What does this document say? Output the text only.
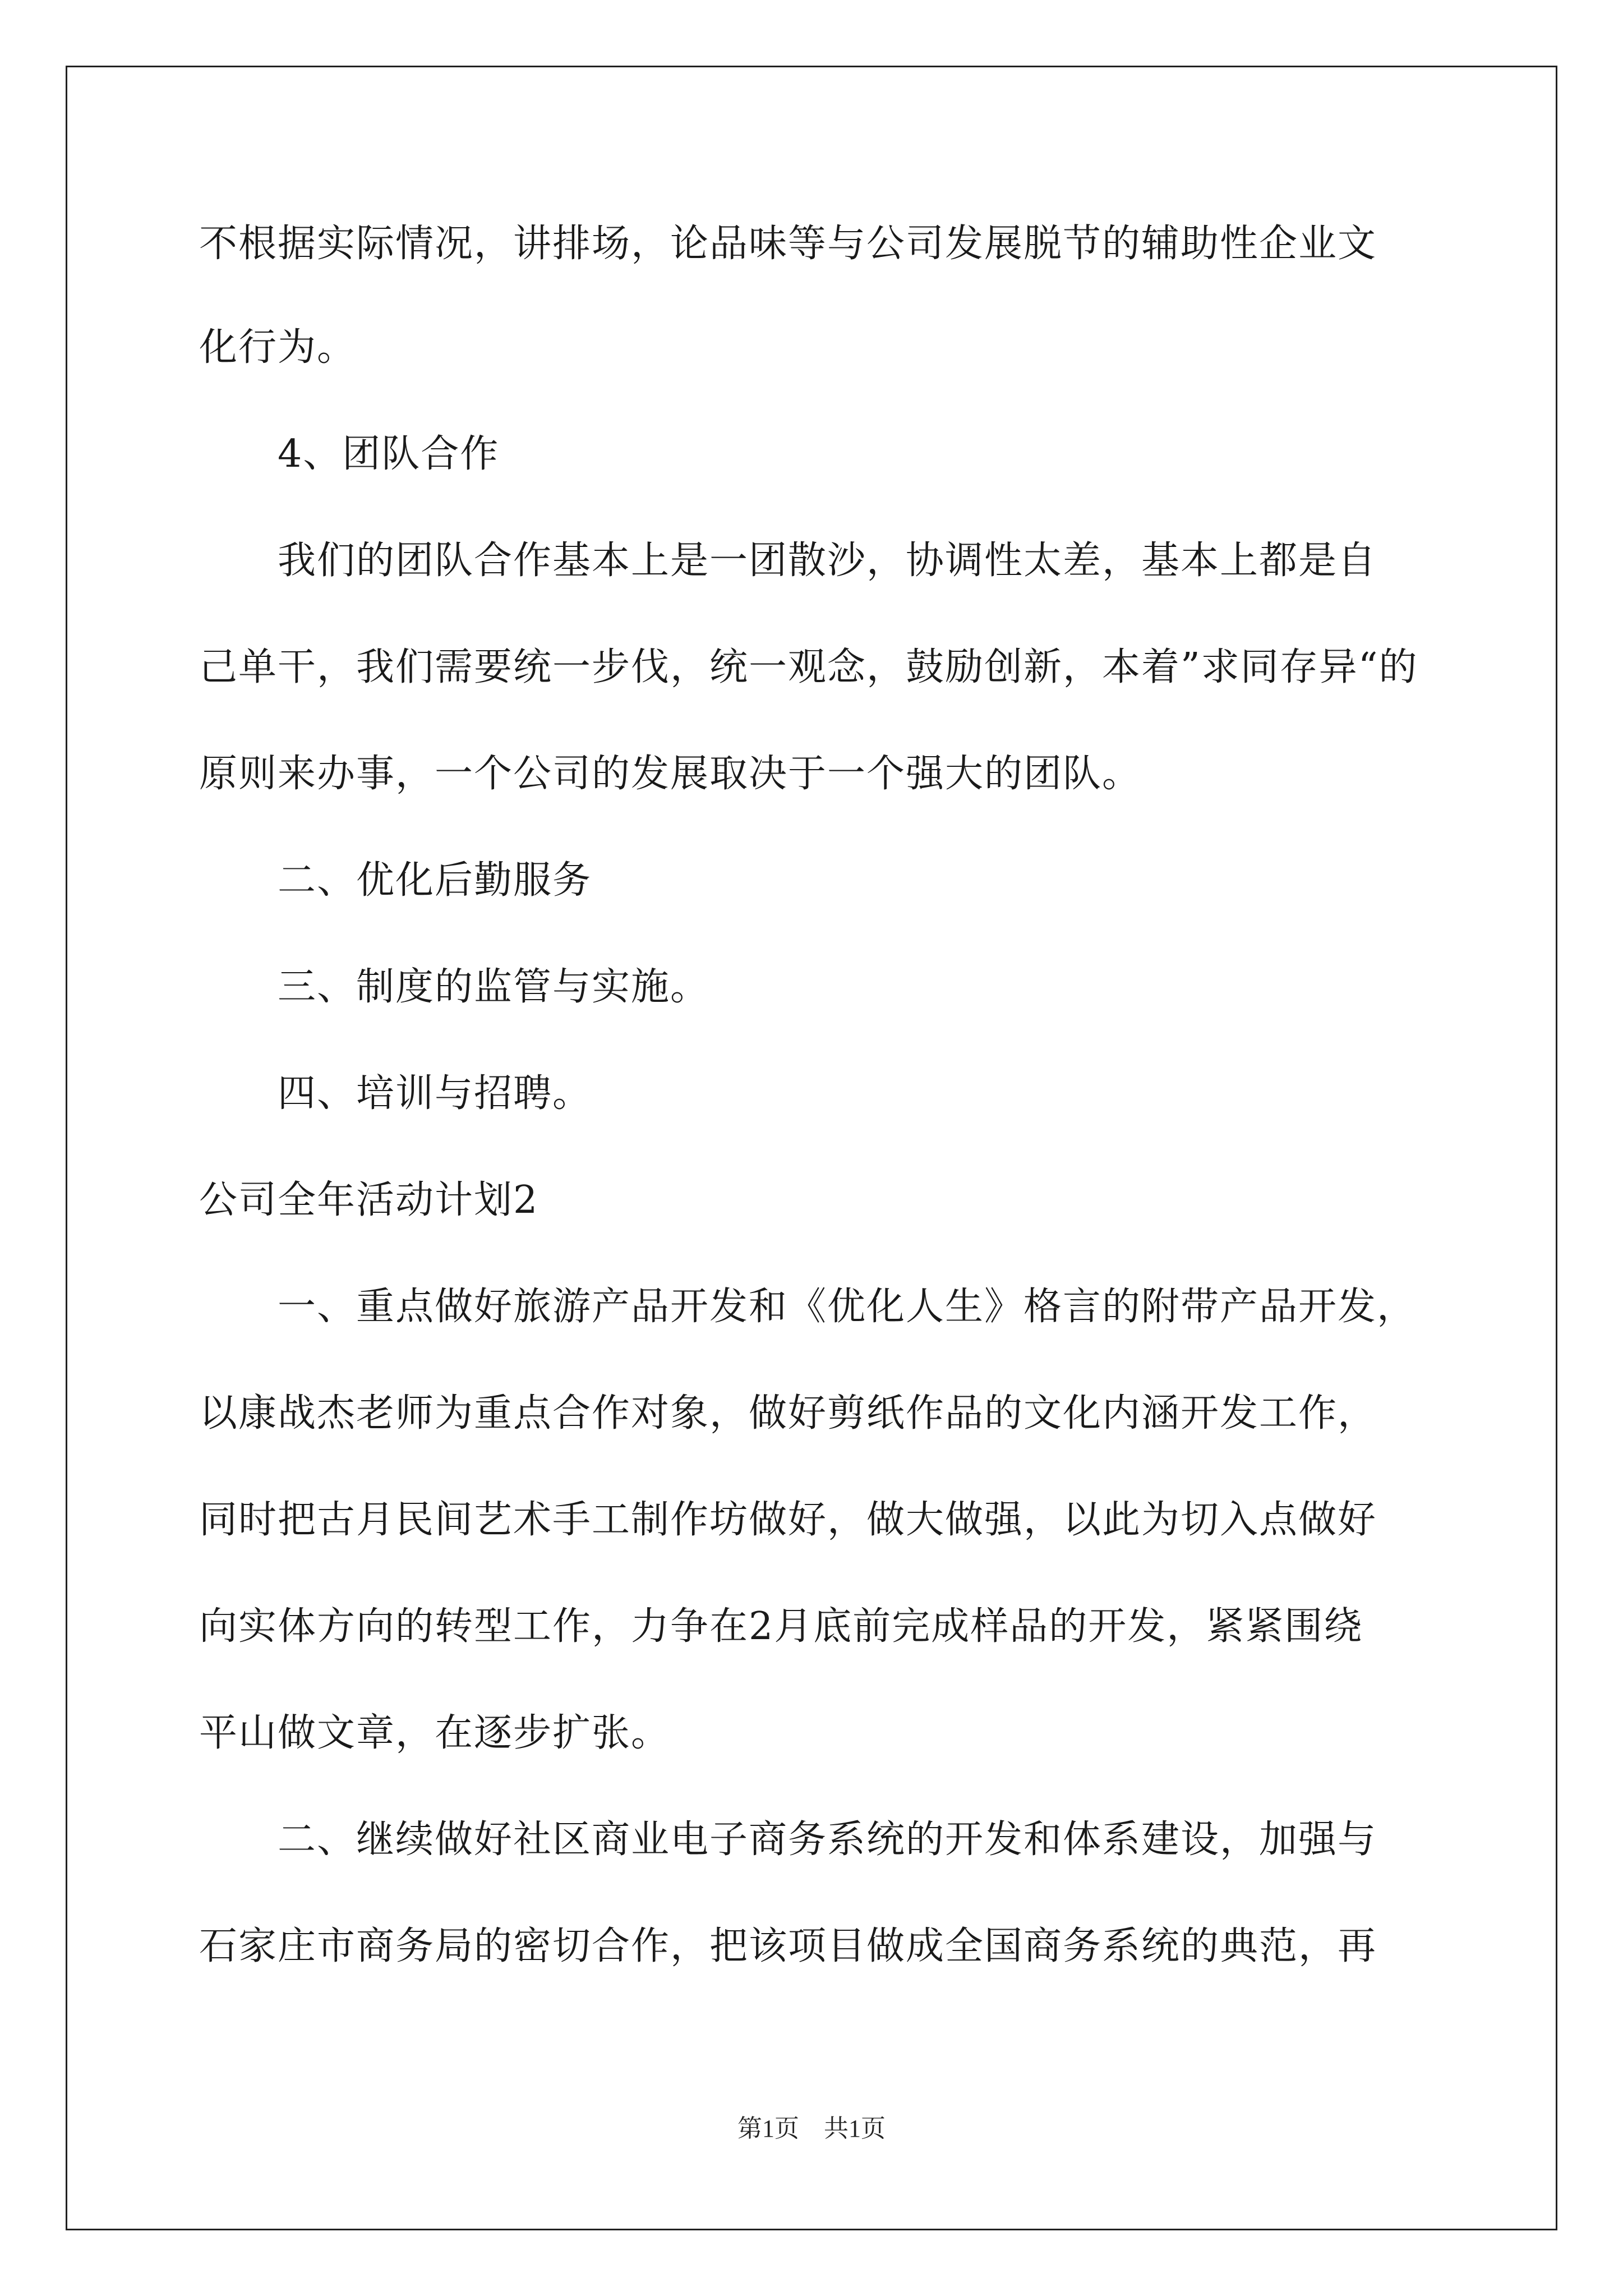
不根据实际情况，讲排场，论品味等与公司发展脱节的辅助性企业文
化行为。
4、团队合作
我们的团队合作基本上是一团散沙，协调性太差，基本上都是自
己单干，我们需要统一步伐，统一观念，鼓励创新，本着”求同存异“的
原则来办事，一个公司的发展取决于一个强大的团队。
二、优化后勤服务
三、制度的监管与实施。
四、培训与招聘。
公司全年活动计划2
一、重点做好旅游产品开发和《优化人生》格言的附带产品开发，
以康战杰老师为重点合作对象，做好剪纸作品的文化内涵开发工作，
同时把古月民间艺术手工制作坊做好，做大做强，以此为切入点做好
向实体方向的转型工作，力争在2月底前完成样品的开发，紧紧围绕
平山做文章，在逐步扩张。
二、继续做好社区商业电子商务系统的开发和体系建设，加强与
石家庄市商务局的密切合作，把该项目做成全国商务系统的典范，再
第1页　共1页
